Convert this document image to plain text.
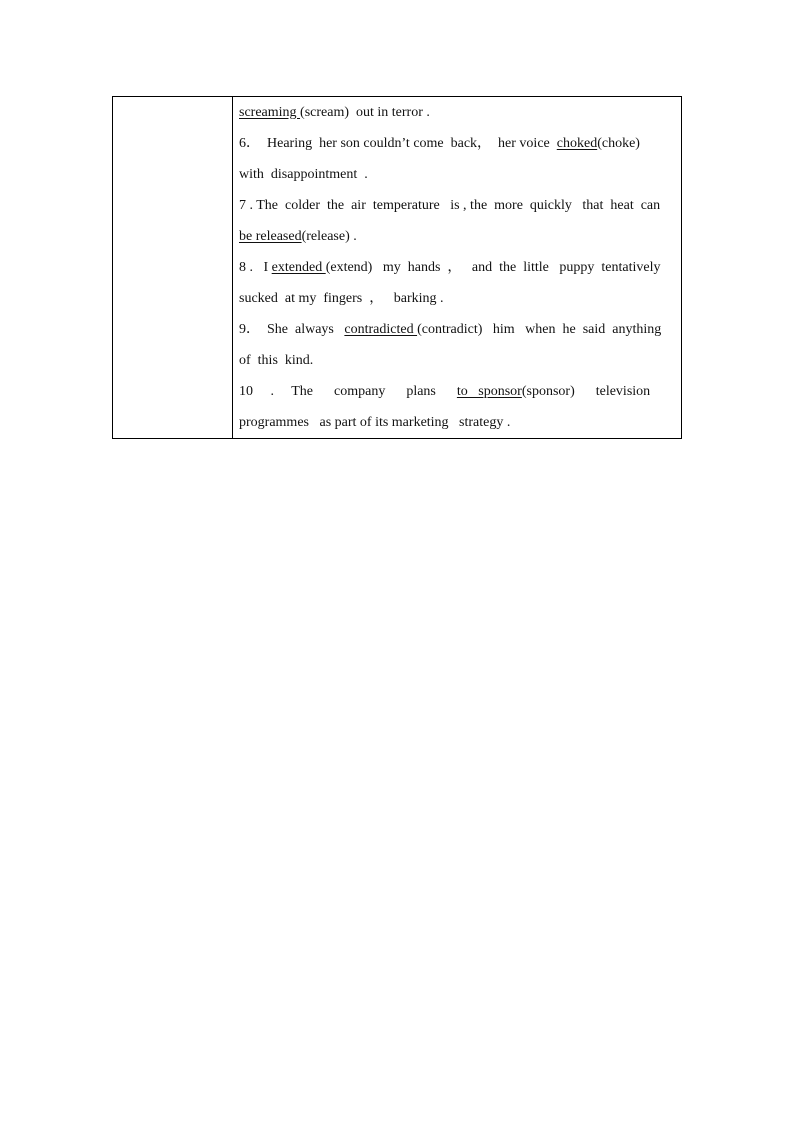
screaming (scream)  out in terror .
6．  Hearing  her son couldn’t come  back，  her voice choked (choke)
with  disappointment  .
7 . The  colder  the  air  temperature   is , the  more  quickly   that  heat  can
be released (release) .
8 .   I extended (extend)   my  hands  ，   and  the  little   puppy  tentatively
sucked  at my  fingers  ，   barking .
9．  She  always contradicted (contradict)   him   when  he  said  anything
of  this  kind.
10     .     The      company      plans to   sponsor (sponsor)      television
programmes   as part of its marketing   strategy .
